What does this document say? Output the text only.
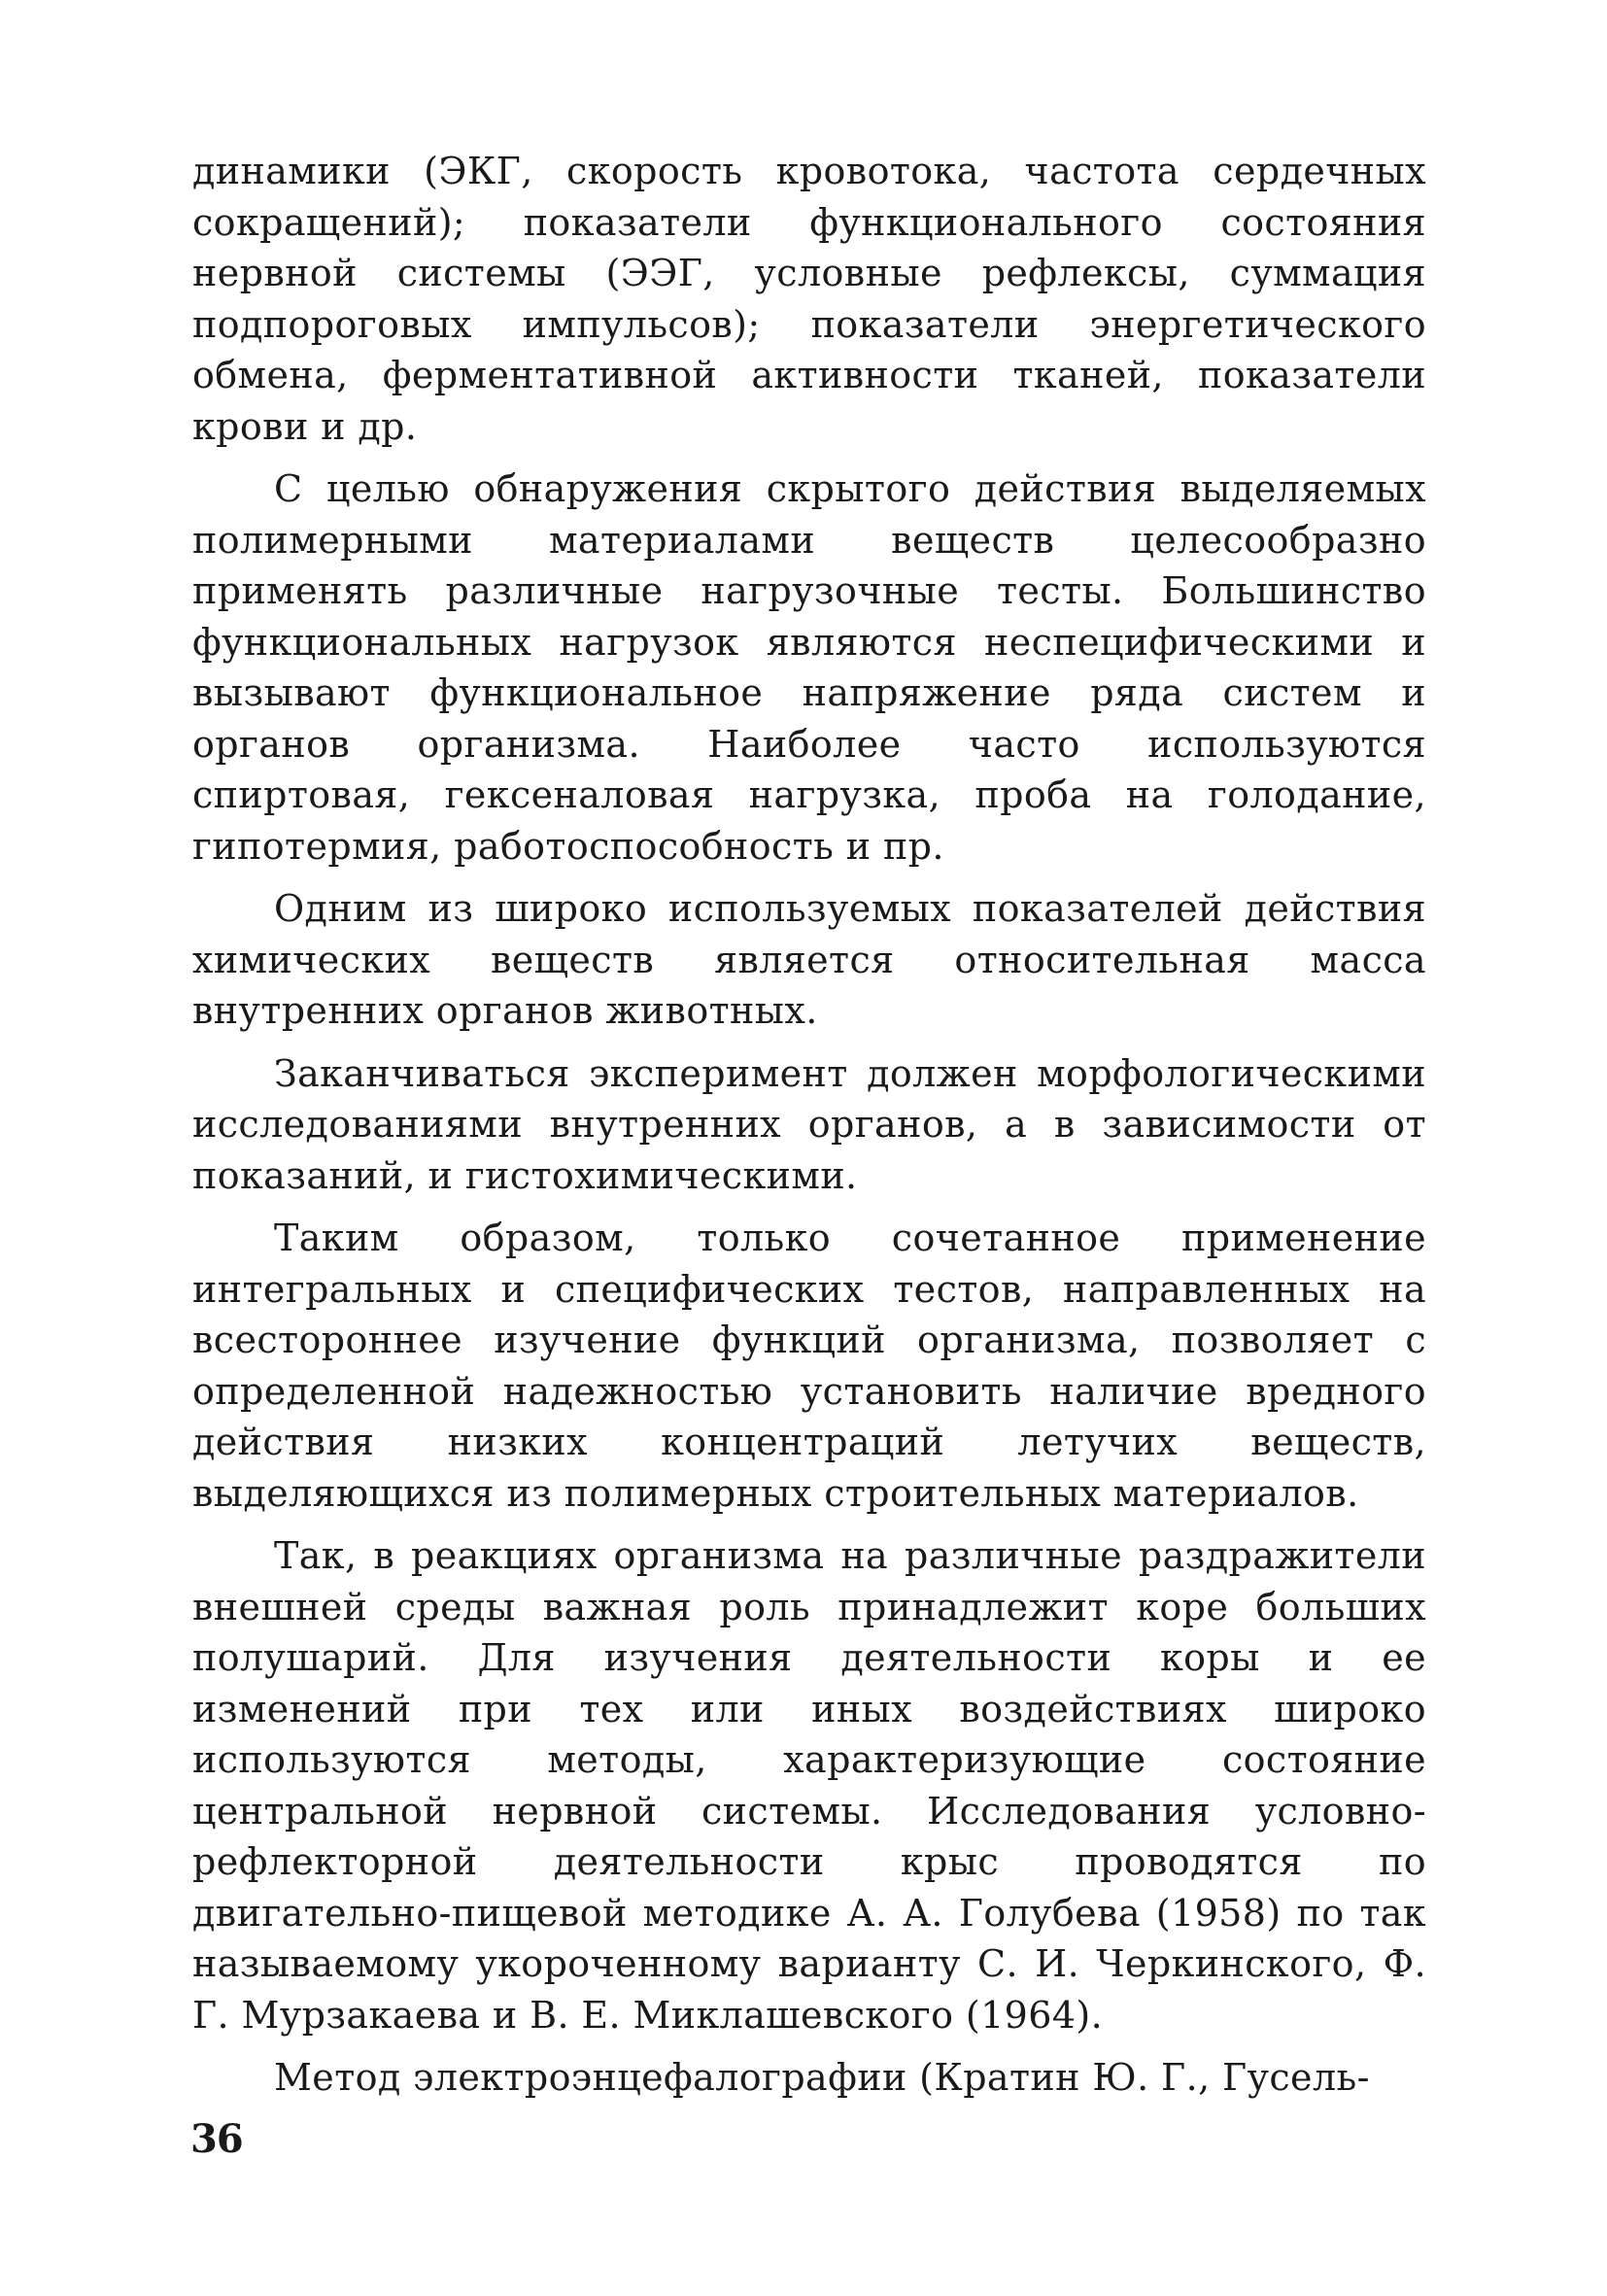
динамики (ЭКГ, скорость кровотока, частота сердечных сокращений); показатели функционального состояния нервной системы (ЭЭГ, условные рефлексы, суммация подпороговых импульсов); показатели энергетического обмена, ферментативной активности тканей, показатели крови и др.

С целью обнаружения скрытого действия выделяемых полимерными материалами веществ целесообразно применять различные нагрузочные тесты. Большинство функциональных нагрузок являются неспецифическими и вызывают функциональное напряжение ряда систем и органов организма. Наиболее часто используются спиртовая, гексеналовая нагрузка, проба на голодание, гипотермия, работоспособность и пр.

Одним из широко используемых показателей действия химических веществ является относительная масса внутренних органов животных.

Заканчиваться эксперимент должен морфологическими исследованиями внутренних органов, а в зависимости от показаний, и гистохимическими.

Таким образом, только сочетанное применение интегральных и специфических тестов, направленных на всестороннее изучение функций организма, позволяет с определенной надежностью установить наличие вредного действия низких концентраций летучих веществ, выделяющихся из полимерных строительных материалов.

Так, в реакциях организма на различные раздражители внешней среды важная роль принадлежит коре больших полушарий. Для изучения деятельности коры и ее изменений при тех или иных воздействиях широко используются методы, характеризующие состояние центральной нервной системы. Исследования условно-рефлекторной деятельности крыс проводятся по двигательно-пищевой методике А. А. Голубева (1958) по так называемому укороченному варианту С. И. Черкинского, Ф. Г. Мурзакаева и В. Е. Миклашевского (1964).

Метод электроэнцефалографии (Кратин Ю. Г., Гусель-

36
